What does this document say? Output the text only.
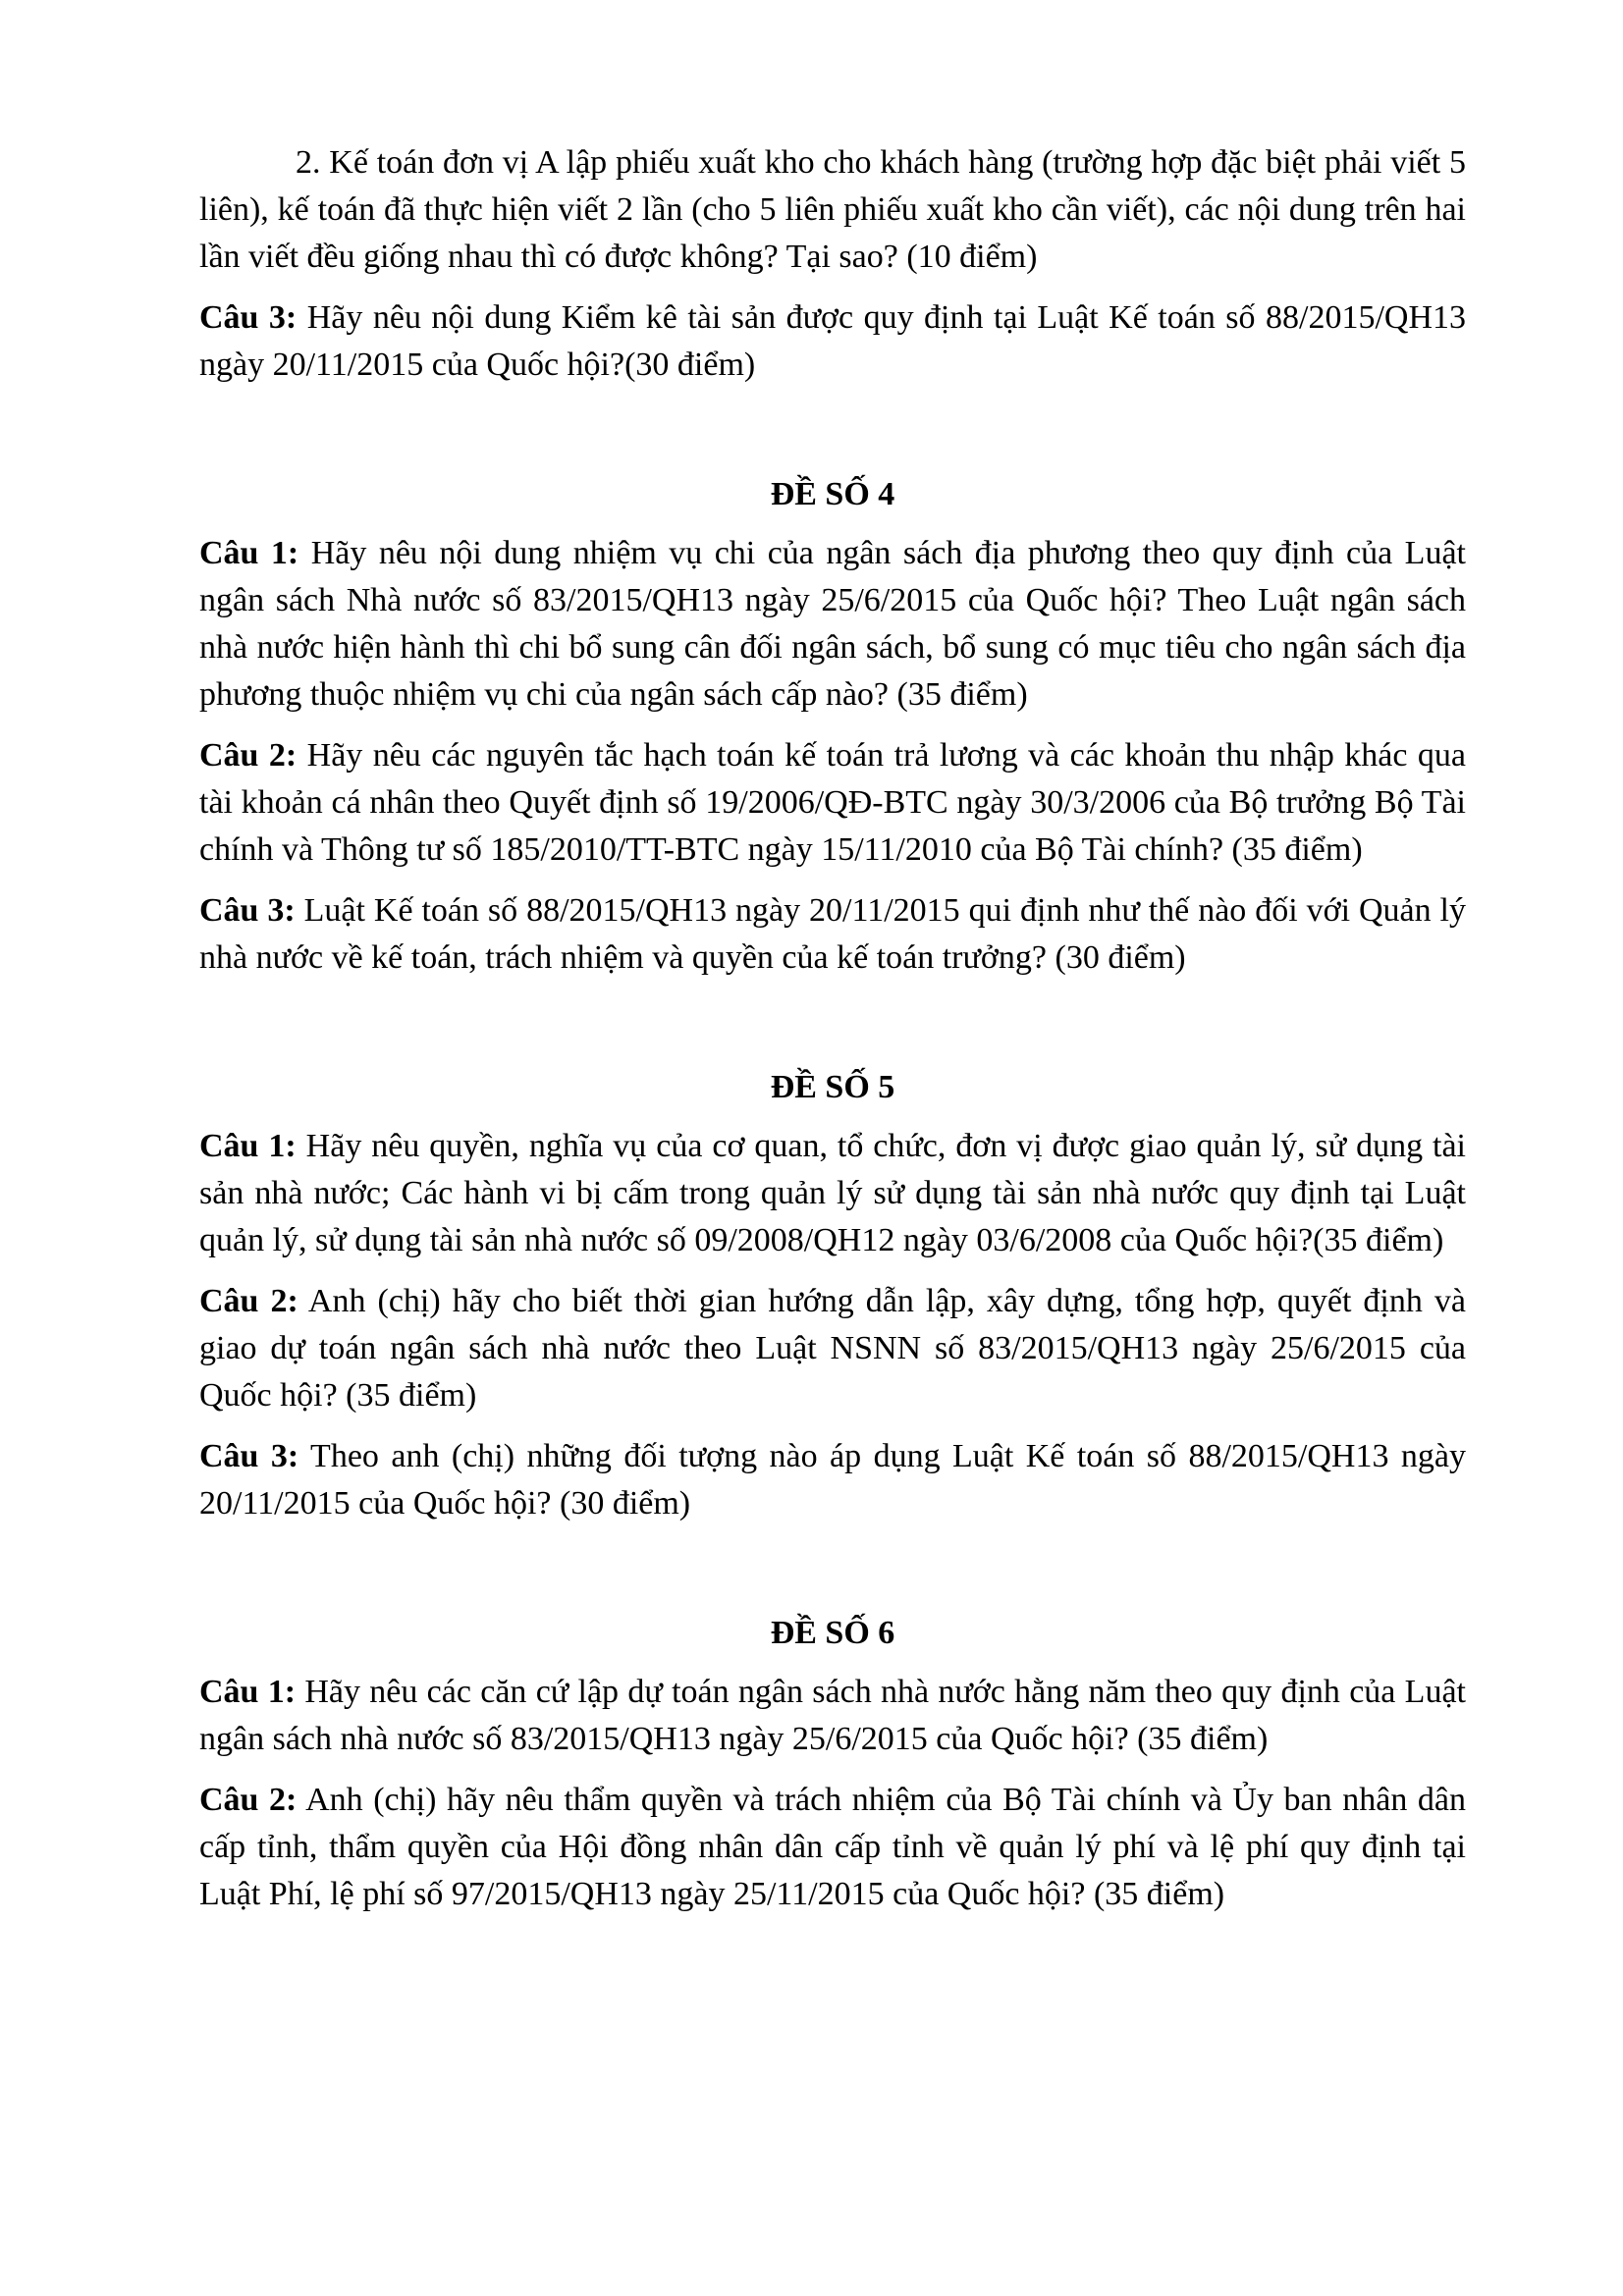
2. Kế toán đơn vị A lập phiếu xuất kho cho khách hàng (trường hợp đặc biệt phải viết 5 liên), kế toán đã thực hiện viết 2 lần (cho 5 liên phiếu xuất kho cần viết), các nội dung trên hai lần viết đều giống nhau thì có được không? Tại sao? (10 điểm)

Câu 3: Hãy nêu nội dung Kiểm kê tài sản được quy định tại Luật Kế toán số 88/2015/QH13 ngày 20/11/2015 của Quốc hội?(30 điểm)

ĐỀ SỐ 4

Câu 1: Hãy nêu nội dung nhiệm vụ chi của ngân sách địa phương theo quy định của Luật ngân sách Nhà nước số 83/2015/QH13 ngày 25/6/2015 của Quốc hội? Theo Luật ngân sách nhà nước hiện hành thì chi bổ sung cân đối ngân sách, bổ sung có mục tiêu cho ngân sách địa phương thuộc nhiệm vụ chi của ngân sách cấp nào? (35 điểm)

Câu 2: Hãy nêu các nguyên tắc hạch toán kế toán trả lương và các khoản thu nhập khác qua tài khoản cá nhân theo Quyết định số 19/2006/QĐ-BTC ngày 30/3/2006 của Bộ trưởng Bộ Tài chính và Thông tư số 185/2010/TT-BTC ngày 15/11/2010 của Bộ Tài chính? (35 điểm)

Câu 3: Luật Kế toán số 88/2015/QH13 ngày 20/11/2015 qui định như thế nào đối với Quản lý nhà nước về kế toán, trách nhiệm và quyền của kế toán trưởng? (30 điểm)

ĐỀ SỐ 5

Câu 1: Hãy nêu quyền, nghĩa vụ của cơ quan, tổ chức, đơn vị được giao quản lý, sử dụng tài sản nhà nước; Các hành vi bị cấm trong quản lý sử dụng tài sản nhà nước quy định tại Luật quản lý, sử dụng tài sản nhà nước số 09/2008/QH12 ngày 03/6/2008 của Quốc hội?(35 điểm)

Câu 2: Anh (chị) hãy cho biết thời gian hướng dẫn lập, xây dựng, tổng hợp, quyết định và giao dự toán ngân sách nhà nước theo Luật NSNN số 83/2015/QH13 ngày 25/6/2015 của Quốc hội? (35 điểm)

Câu 3: Theo anh (chị) những đối tượng nào áp dụng Luật Kế toán số 88/2015/QH13 ngày 20/11/2015 của Quốc hội? (30 điểm)

ĐỀ SỐ 6

Câu 1: Hãy nêu các căn cứ lập dự toán ngân sách nhà nước hằng năm theo quy định của Luật ngân sách nhà nước số 83/2015/QH13 ngày 25/6/2015 của Quốc hội? (35 điểm)

Câu 2: Anh (chị) hãy nêu thẩm quyền và trách nhiệm của Bộ Tài chính và Ủy ban nhân dân cấp tỉnh, thẩm quyền của Hội đồng nhân dân cấp tỉnh về quản lý phí và lệ phí quy định tại Luật Phí, lệ phí số 97/2015/QH13 ngày 25/11/2015 của Quốc hội? (35 điểm)
